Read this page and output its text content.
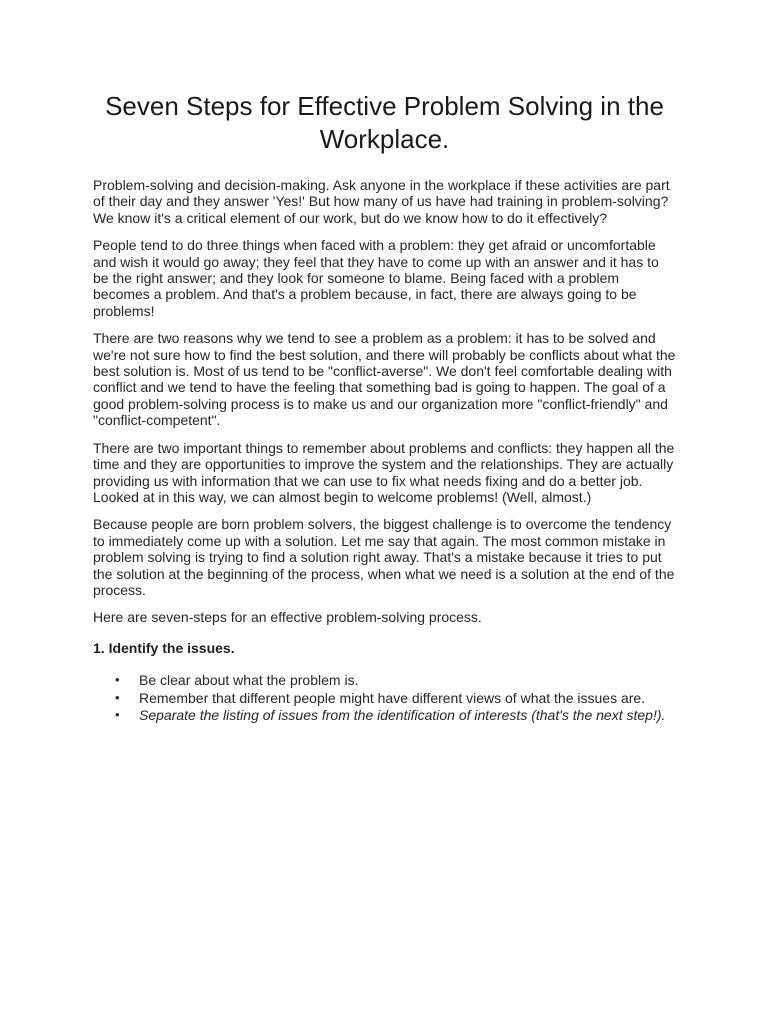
Seven Steps for Effective Problem Solving in the Workplace.

Problem-solving and decision-making. Ask anyone in the workplace if these activities are part of their day and they answer 'Yes!' But how many of us have had training in problem-solving? We know it's a critical element of our work, but do we know how to do it effectively?

People tend to do three things when faced with a problem: they get afraid or uncomfortable and wish it would go away; they feel that they have to come up with an answer and it has to be the right answer; and they look for someone to blame. Being faced with a problem becomes a problem. And that's a problem because, in fact, there are always going to be problems!

There are two reasons why we tend to see a problem as a problem: it has to be solved and we're not sure how to find the best solution, and there will probably be conflicts about what the best solution is. Most of us tend to be "conflict-averse". We don't feel comfortable dealing with conflict and we tend to have the feeling that something bad is going to happen. The goal of a good problem-solving process is to make us and our organization more "conflict-friendly" and "conflict-competent".

There are two important things to remember about problems and conflicts: they happen all the time and they are opportunities to improve the system and the relationships. They are actually providing us with information that we can use to fix what needs fixing and do a better job. Looked at in this way, we can almost begin to welcome problems! (Well, almost.)

Because people are born problem solvers, the biggest challenge is to overcome the tendency to immediately come up with a solution. Let me say that again. The most common mistake in problem solving is trying to find a solution right away. That's a mistake because it tries to put the solution at the beginning of the process, when what we need is a solution at the end of the process.

Here are seven-steps for an effective problem-solving process.

1. Identify the issues.
• Be clear about what the problem is.
• Remember that different people might have different views of what the issues are.
• Separate the listing of issues from the identification of interests (that's the next step!).
